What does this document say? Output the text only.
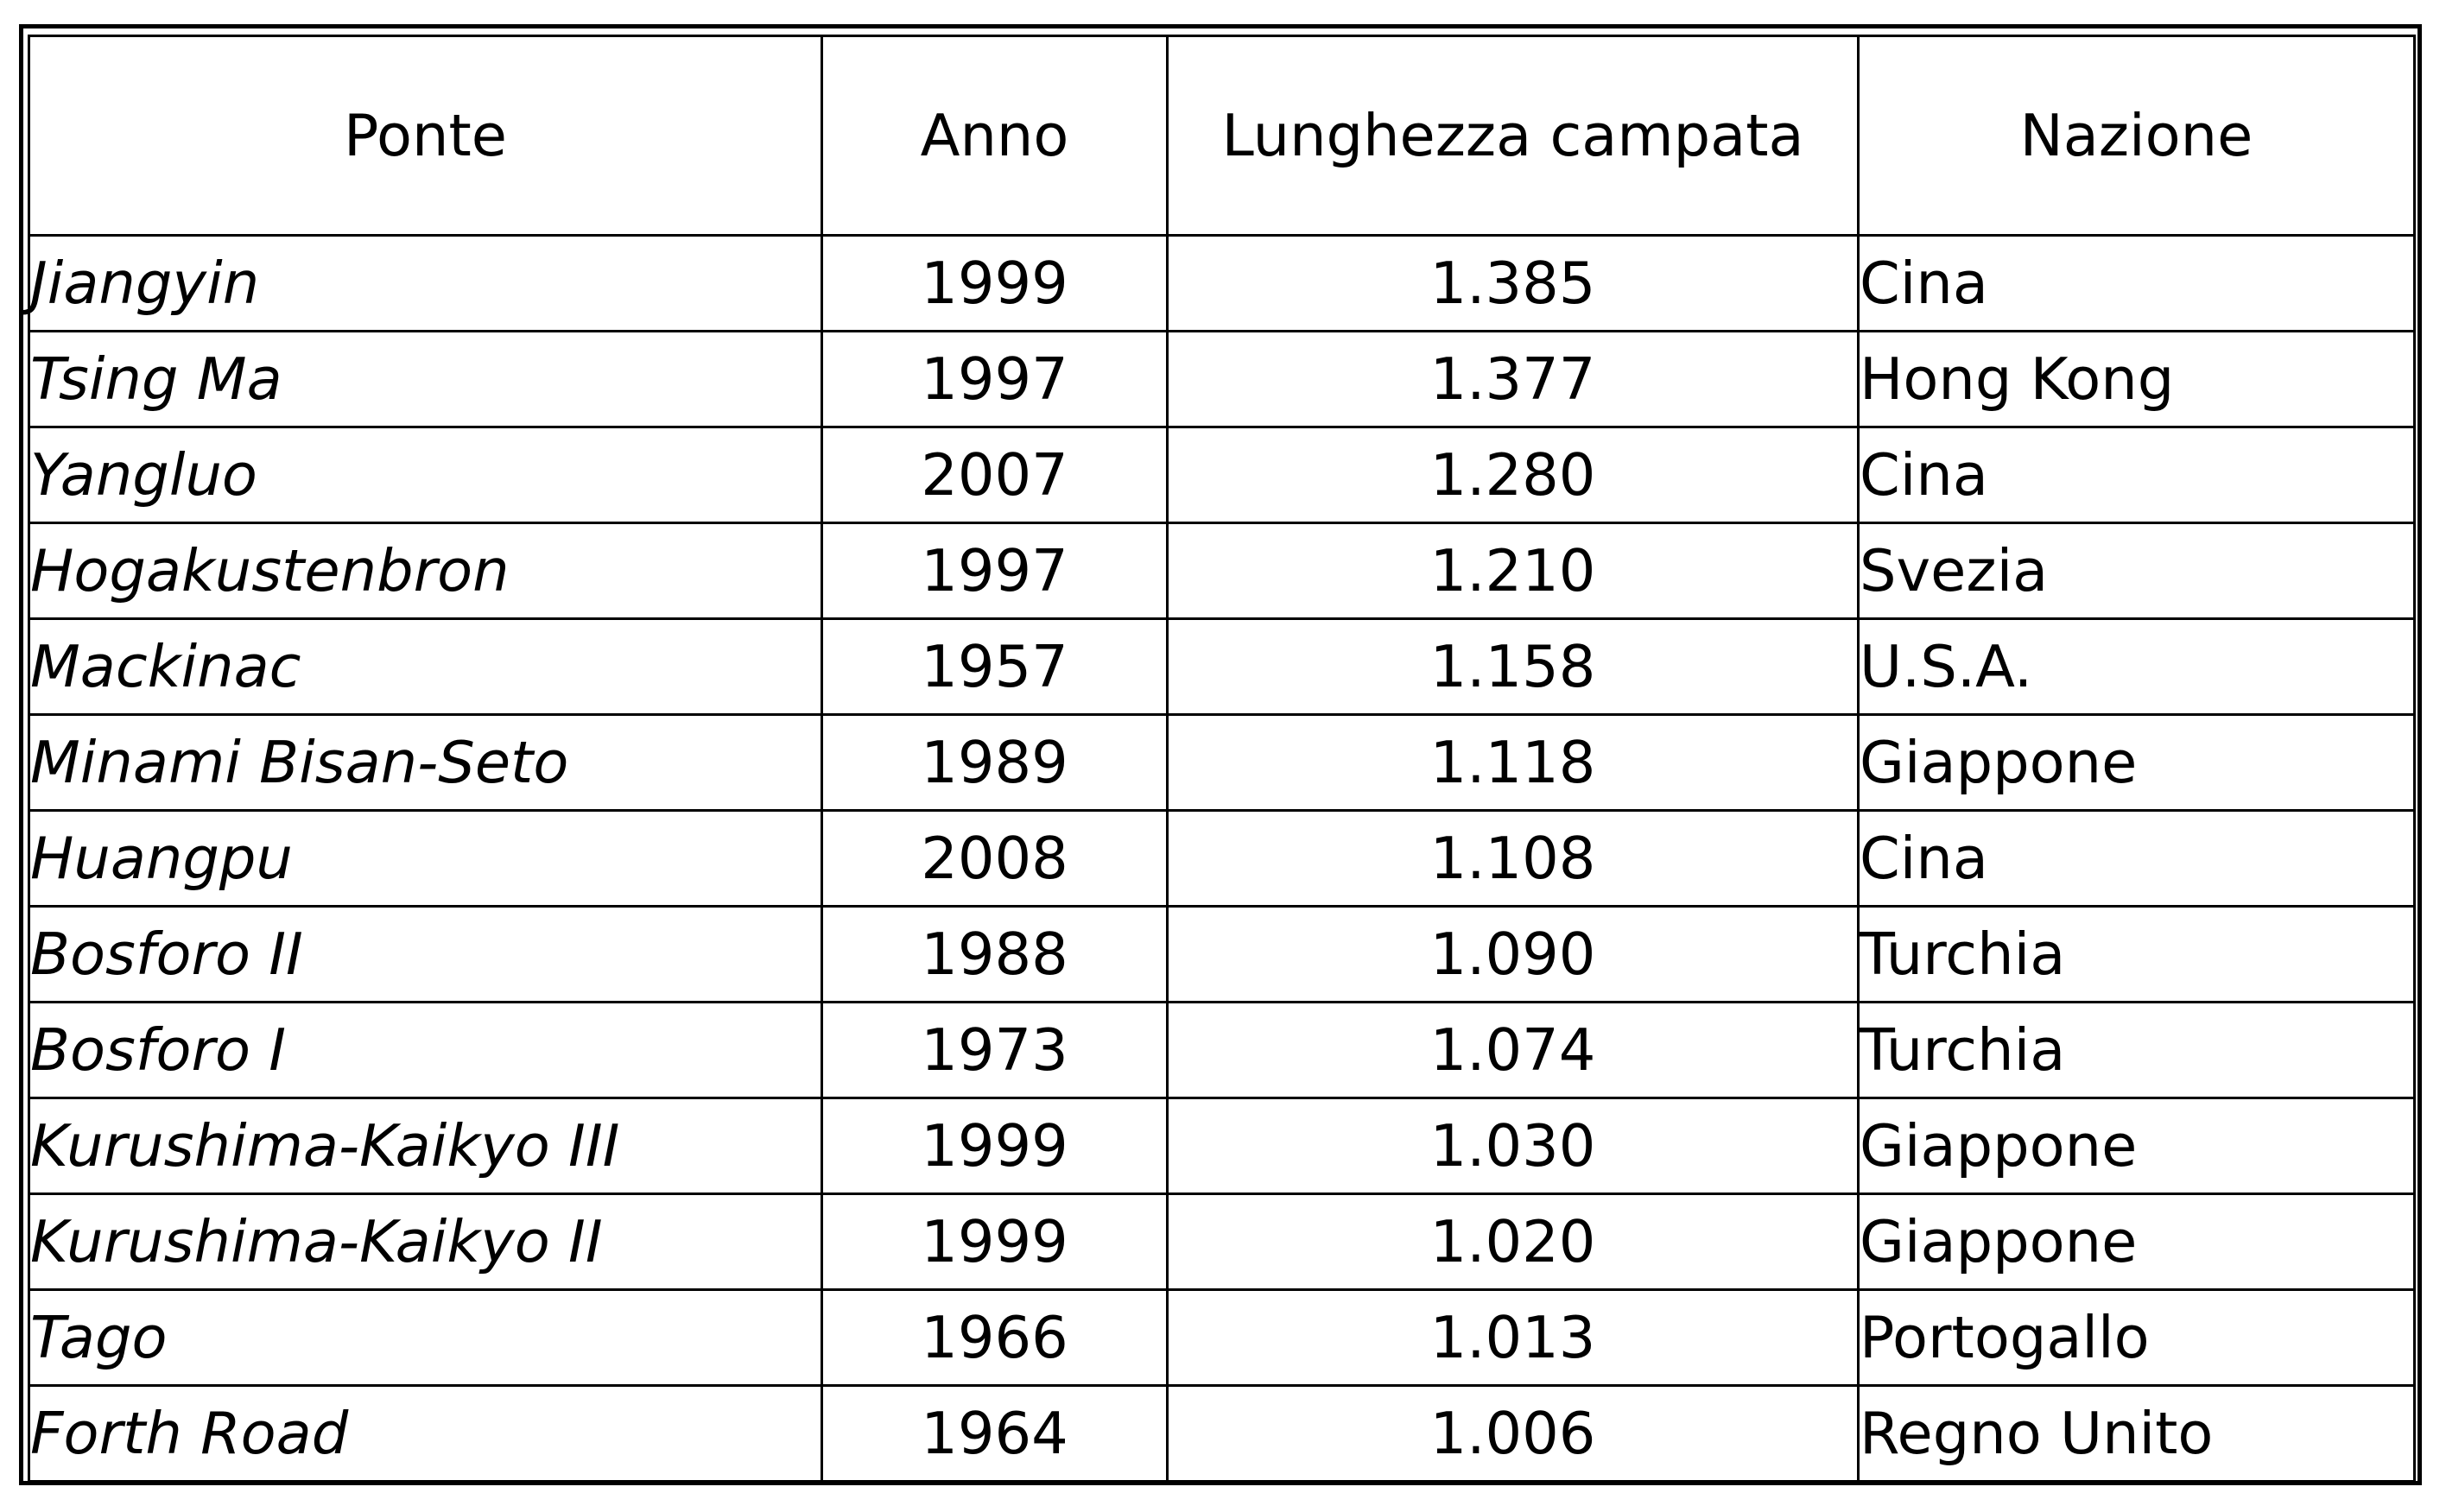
Ponte	Anno	Lunghezza campata	Nazione
Jiangyin	1999	1.385	Cina
Tsing Ma	1997	1.377	Hong Kong
Yangluo	2007	1.280	Cina
Hogakustenbron	1997	1.210	Svezia
Mackinac	1957	1.158	U.S.A.
Minami Bisan-Seto	1989	1.118	Giappone
Huangpu	2008	1.108	Cina
Bosforo II	1988	1.090	Turchia
Bosforo I	1973	1.074	Turchia
Kurushima-Kaikyo III	1999	1.030	Giappone
Kurushima-Kaikyo II	1999	1.020	Giappone
Tago	1966	1.013	Portogallo
Forth Road	1964	1.006	Regno Unito
